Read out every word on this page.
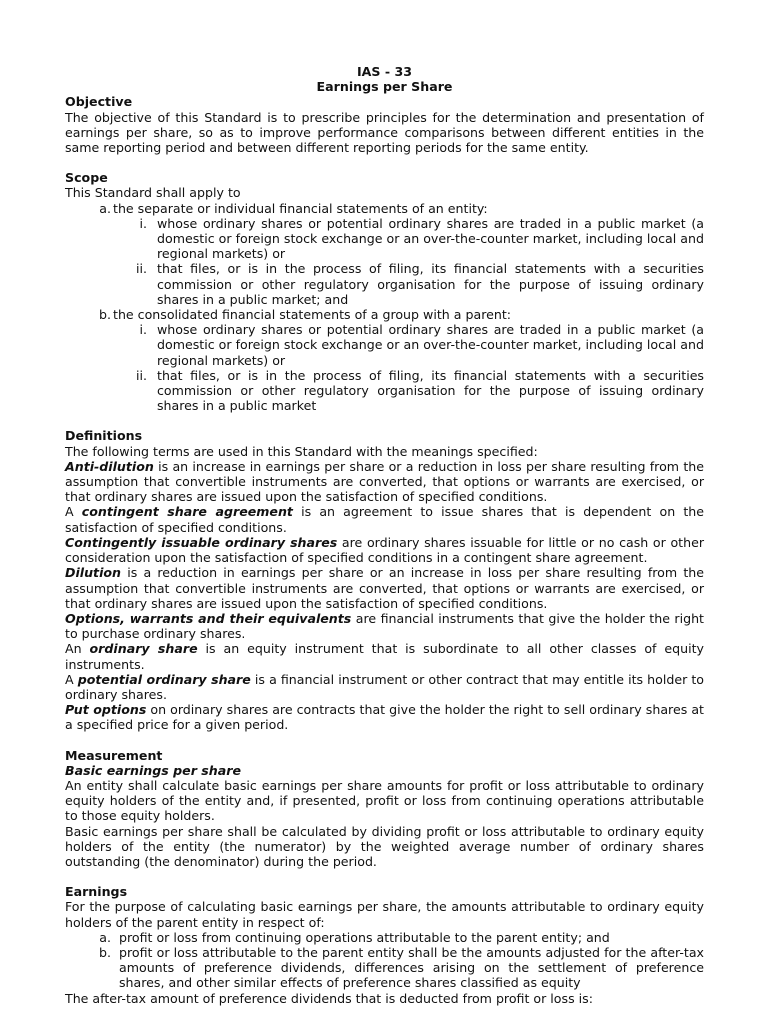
IAS - 33
Earnings per Share
Objective

The objective of this Standard is to prescribe principles for the determination and presentation of earnings per share, so as to improve performance comparisons between different entities in the same reporting period and between different reporting periods for the same entity.

Scope
This Standard shall apply to
a. the separate or individual financial statements of an entity:
i. whose ordinary shares or potential ordinary shares are traded in a public market (a domestic or foreign stock exchange or an over-the-counter market, including local and regional markets) or
ii. that files, or is in the process of filing, its financial statements with a securities commission or other regulatory organisation for the purpose of issuing ordinary shares in a public market; and
b. the consolidated financial statements of a group with a parent:
i. whose ordinary shares or potential ordinary shares are traded in a public market (a domestic or foreign stock exchange or an over-the-counter market, including local and regional markets) or
ii. that files, or is in the process of filing, its financial statements with a securities commission or other regulatory organisation for the purpose of issuing ordinary shares in a public market
Definitions
The following terms are used in this Standard with the meanings specified:

Anti-dilution is an increase in earnings per share or a reduction in loss per share resulting from the assumption that convertible instruments are converted, that options or warrants are exercised, or that ordinary shares are issued upon the satisfaction of specified conditions.

A contingent share agreement is an agreement to issue shares that is dependent on the satisfaction of specified conditions.

Contingently issuable ordinary shares are ordinary shares issuable for little or no cash or other consideration upon the satisfaction of specified conditions in a contingent share agreement.

Dilution is a reduction in earnings per share or an increase in loss per share resulting from the assumption that convertible instruments are converted, that options or warrants are exercised, or that ordinary shares are issued upon the satisfaction of specified conditions.

Options, warrants and their equivalents are financial instruments that give the holder the right to purchase ordinary shares.

An ordinary share is an equity instrument that is subordinate to all other classes of equity instruments.

A potential ordinary share is a financial instrument or other contract that may entitle its holder to ordinary shares.

Put options on ordinary shares are contracts that give the holder the right to sell ordinary shares at a specified price for a given period.

Measurement
Basic earnings per share

An entity shall calculate basic earnings per share amounts for profit or loss attributable to ordinary equity holders of the entity and, if presented, profit or loss from continuing operations attributable to those equity holders.

Basic earnings per share shall be calculated by dividing profit or loss attributable to ordinary equity holders of the entity (the numerator) by the weighted average number of ordinary shares outstanding (the denominator) during the period.

Earnings

For the purpose of calculating basic earnings per share, the amounts attributable to ordinary equity holders of the parent entity in respect of:

a. profit or loss from continuing operations attributable to the parent entity; and
b. profit or loss attributable to the parent entity shall be the amounts adjusted for the after-tax amounts of preference dividends, differences arising on the settlement of preference shares, and other similar effects of preference shares classified as equity
The after-tax amount of preference dividends that is deducted from profit or loss is:
